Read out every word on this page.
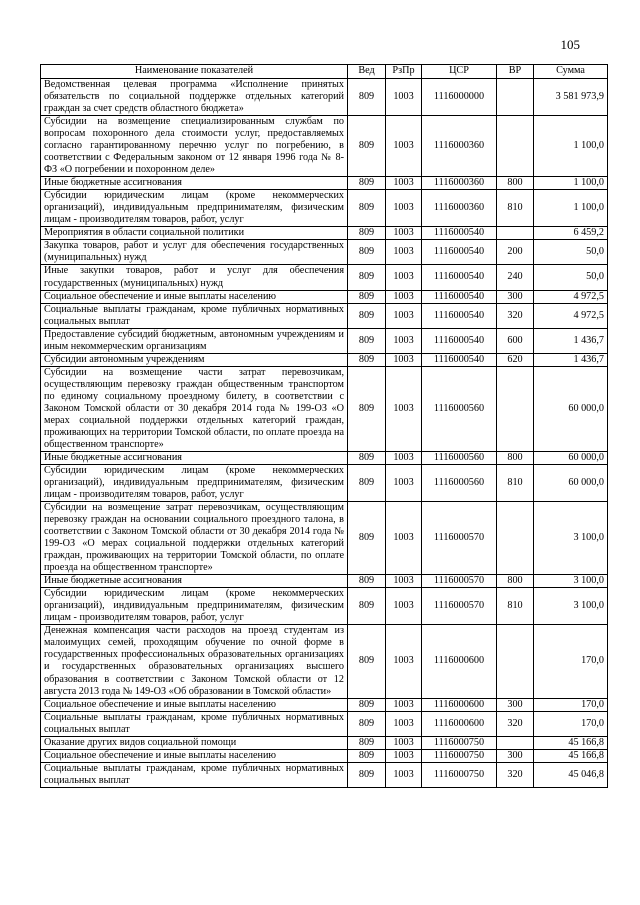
105
Наименование показателей	Вед	РзПр	ЦСР	ВР	Сумма
Ведомственная целевая программа «Исполнение принятых обязательств по социальной поддержке отдельных категорий граждан за счет средств областного бюджета»	809	1003	1116000000		3 581 973,9
Субсидии на возмещение специализированным службам по вопросам похоронного дела стоимости услуг, предоставляемых согласно гарантированному перечню услуг по погребению, в соответствии с Федеральным законом от 12 января 1996 года № 8-ФЗ «О погребении и похоронном деле»	809	1003	1116000360		1 100,0
Иные бюджетные ассигнования	809	1003	1116000360	800	1 100,0
Субсидии юридическим лицам (кроме некоммерческих организаций), индивидуальным предпринимателям, физическим лицам - производителям товаров, работ, услуг	809	1003	1116000360	810	1 100,0
Мероприятия в области социальной политики	809	1003	1116000540		6 459,2
Закупка товаров, работ и услуг для обеспечения государственных (муниципальных) нужд	809	1003	1116000540	200	50,0
Иные закупки товаров, работ и услуг для обеспечения государственных (муниципальных) нужд	809	1003	1116000540	240	50,0
Социальное обеспечение и иные выплаты населению	809	1003	1116000540	300	4 972,5
Социальные выплаты гражданам, кроме публичных нормативных социальных выплат	809	1003	1116000540	320	4 972,5
Предоставление субсидий бюджетным, автономным учреждениям и иным некоммерческим организациям	809	1003	1116000540	600	1 436,7
Субсидии автономным учреждениям	809	1003	1116000540	620	1 436,7
Субсидии на возмещение части затрат перевозчикам, осуществляющим перевозку граждан общественным транспортом по единому социальному проездному билету, в соответствии с Законом Томской области от 30 декабря 2014 года № 199-ОЗ «О мерах социальной поддержки отдельных категорий граждан, проживающих на территории Томской области, по оплате проезда на общественном транспорте»	809	1003	1116000560		60 000,0
Иные бюджетные ассигнования	809	1003	1116000560	800	60 000,0
Субсидии юридическим лицам (кроме некоммерческих организаций), индивидуальным предпринимателям, физическим лицам - производителям товаров, работ, услуг	809	1003	1116000560	810	60 000,0
Субсидии на возмещение затрат перевозчикам, осуществляющим перевозку граждан на основании социального проездного талона, в соответствии с Законом Томской области от 30 декабря 2014 года № 199-ОЗ «О мерах социальной поддержки отдельных категорий граждан, проживающих на территории Томской области, по оплате проезда на общественном транспорте»	809	1003	1116000570		3 100,0
Иные бюджетные ассигнования	809	1003	1116000570	800	3 100,0
Субсидии юридическим лицам (кроме некоммерческих организаций), индивидуальным предпринимателям, физическим лицам - производителям товаров, работ, услуг	809	1003	1116000570	810	3 100,0
Денежная компенсация части расходов на проезд студентам из малоимущих семей, проходящим обучение по очной форме в государственных профессиональных образовательных организациях и государственных образовательных организациях высшего образования в соответствии с Законом Томской области от 12 августа 2013 года № 149-ОЗ «Об образовании в Томской области»	809	1003	1116000600		170,0
Социальное обеспечение и иные выплаты населению	809	1003	1116000600	300	170,0
Социальные выплаты гражданам, кроме публичных нормативных социальных выплат	809	1003	1116000600	320	170,0
Оказание других видов социальной помощи	809	1003	1116000750		45 166,8
Социальное обеспечение и иные выплаты населению	809	1003	1116000750	300	45 166,8
Социальные выплаты гражданам, кроме публичных нормативных социальных выплат	809	1003	1116000750	320	45 046,8
